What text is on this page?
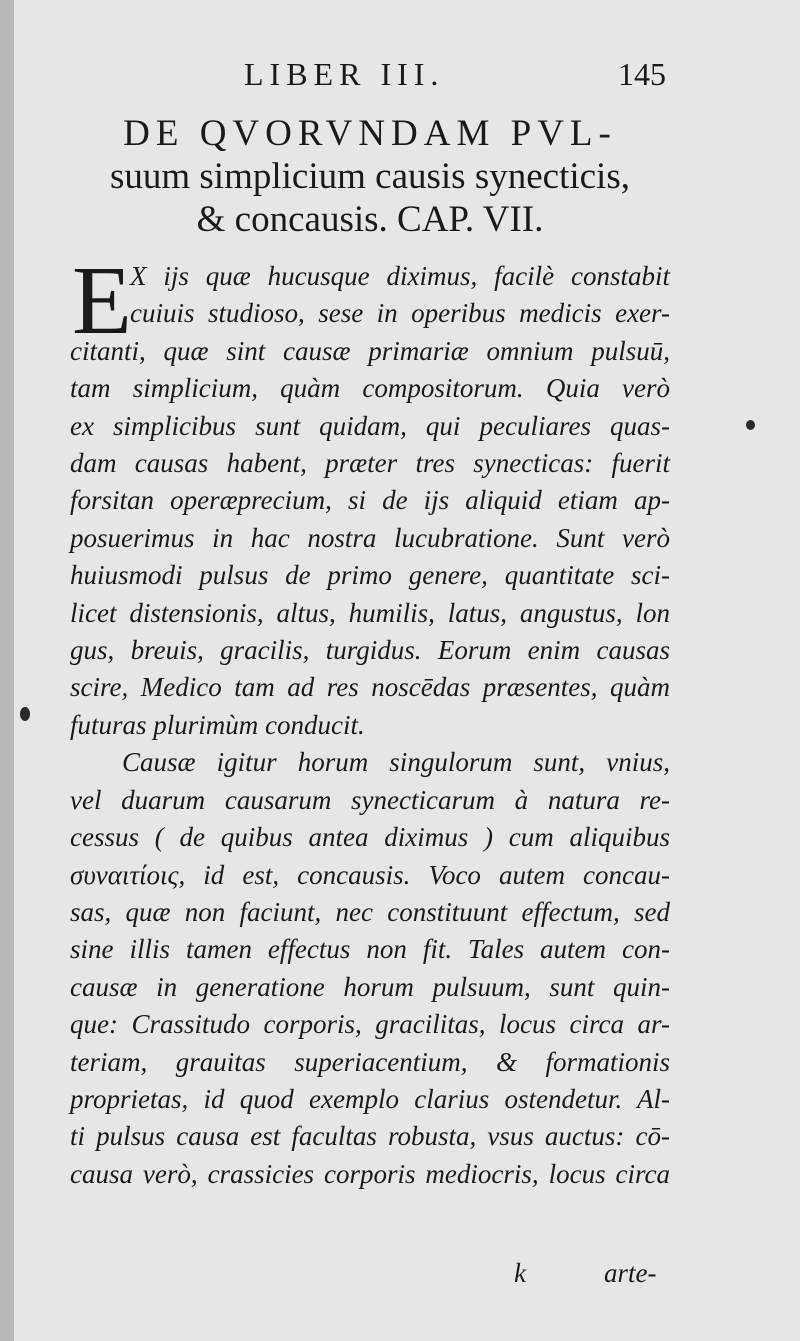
LIBER III.	145
DE QVORVNDAM PVL-
suum simplicium causis synecticis,
& concausis. CAP. VII.
E
X ijs quæ hucusque diximus, facilè constabit
cuiuis studioso, sese in operibus medicis exer-
citanti, quæ sint causæ primariæ omnium pulsuū,
tam simplicium, quàm compositorum. Quia verò
ex simplicibus sunt quidam, qui peculiares quas-
dam causas habent, præter tres synecticas: fuerit
forsitan operæprecium, si de ijs aliquid etiam ap-
posuerimus in hac nostra lucubratione. Sunt verò
huiusmodi pulsus de primo genere, quantitate sci-
licet distensionis, altus, humilis, latus, angustus, lon
gus, breuis, gracilis, turgidus. Eorum enim causas
scire, Medico tam ad res noscēdas præsentes, quàm
futuras plurimùm conducit.
Causæ igitur horum singulorum sunt, vnius,
vel duarum causarum synecticarum à natura re-
cessus ( de quibus antea diximus ) cum aliquibus
συναιτίοις, id est, concausis. Voco autem concau-
sas, quæ non faciunt, nec constituunt effectum, sed
sine illis tamen effectus non fit. Tales autem con-
causæ in generatione horum pulsuum, sunt quin-
que: Crassitudo corporis, gracilitas, locus circa ar-
teriam, grauitas superiacentium, & formationis
proprietas, id quod exemplo clarius ostendetur. Al-
ti pulsus causa est facultas robusta, vsus auctus: cō-
causa verò, crassicies corporis mediocris, locus circa
k	arte-
